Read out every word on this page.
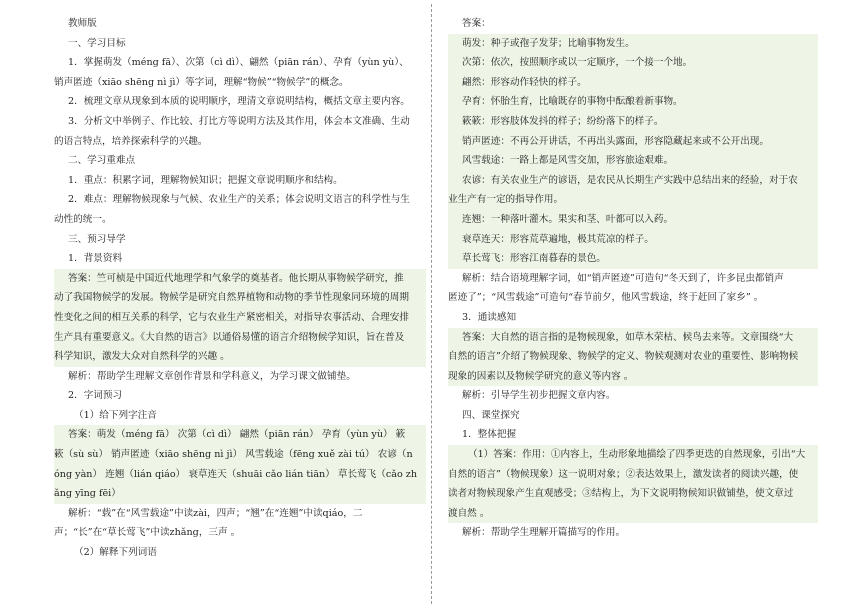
教师版
一、学习目标
1．掌握萌发（méng fā）、次第（cì dì）、翩然（piān rán）、孕育（yùn yù）、
销声匿迹（xiāo shēng nì jì）等字词，理解“物候”“物候学”的概念。
2．梳理文章从现象到本质的说明顺序，理清文章说明结构，概括文章主要内容。
3．分析文中举例子、作比较、打比方等说明方法及其作用，体会本文准确、生动
的语言特点，培养探索科学的兴趣。
二、学习重难点
1．重点：积累字词，理解物候知识；把握文章说明顺序和结构。
2．难点：理解物候现象与气候、农业生产的关系；体会说明文语言的科学性与生
动性的统一。
三、预习导学
1．背景资料
答案：竺可桢是中国近代地理学和气象学的奠基者。他长期从事物候学研究，推
动了我国物候学的发展。物候学是研究自然界植物和动物的季节性现象同环境的周期
性变化之间的相互关系的科学，它与农业生产紧密相关，对指导农事活动、合理安排
生产具有重要意义。《大自然的语言》以通俗易懂的语言介绍物候学知识，旨在普及
科学知识，激发大众对自然科学的兴趣 。
解析：帮助学生理解文章创作背景和学科意义，为学习课文做铺垫。
2．字词预习
（1）给下列字注音
答案：萌发（méng fā） 次第（cì dì） 翩然（piān rán） 孕育（yùn yù） 簌
簌（sù sù） 销声匿迹（xiāo shēng nì jì） 风雪载途（fēng xuě zài tú） 农谚（n
óng yàn） 连翘（lián qiáo） 衰草连天（shuāi cǎo lián tiān） 草长莺飞（cǎo zh
ǎng yīng fēi）
解析：“载”在“风雪载途”中读zài，四声；“翘”在“连翘”中读qiáo，二
声；“长”在“草长莺飞”中读zhǎng，三声 。
（2）解释下列词语
答案：
萌发：种子或孢子发芽；比喻事物发生。
次第：依次，按照顺序或以一定顺序，一个接一个地。
翩然：形容动作轻快的样子。
孕育：怀胎生育，比喻既存的事物中酝酿着新事物。
簌簌：形容肢体发抖的样子；纷纷落下的样子。
销声匿迹：不再公开讲话，不再出头露面，形容隐藏起来或不公开出现。
风雪载途：一路上都是风雪交加，形容旅途艰难。
农谚：有关农业生产的谚语，是农民从长期生产实践中总结出来的经验，对于农
业生产有一定的指导作用。
连翘：一种落叶灌木。果实和茎、叶都可以入药。
衰草连天：形容荒草遍地，极其荒凉的样子。
草长莺飞：形容江南暮春的景色。
解析：结合语境理解字词，如“销声匿迹”可造句“冬天到了，许多昆虫都销声
匿迹了”；“风雪载途”可造句“春节前夕，他风雪载途，终于赶回了家乡” 。
3．通读感知
答案：大自然的语言指的是物候现象，如草木荣枯、候鸟去来等。文章围绕“大
自然的语言”介绍了物候现象、物候学的定义、物候观测对农业的重要性、影响物候
现象的因素以及物候学研究的意义等内容 。
解析：引导学生初步把握文章内容。
四、课堂探究
1．整体把握
（1）答案：作用：①内容上，生动形象地描绘了四季更迭的自然现象，引出“大
自然的语言”（物候现象）这一说明对象；②表达效果上，激发读者的阅读兴趣，使
读者对物候现象产生直观感受；③结构上，为下文说明物候知识做铺垫，使文章过
渡自然 。
解析：帮助学生理解开篇描写的作用。
